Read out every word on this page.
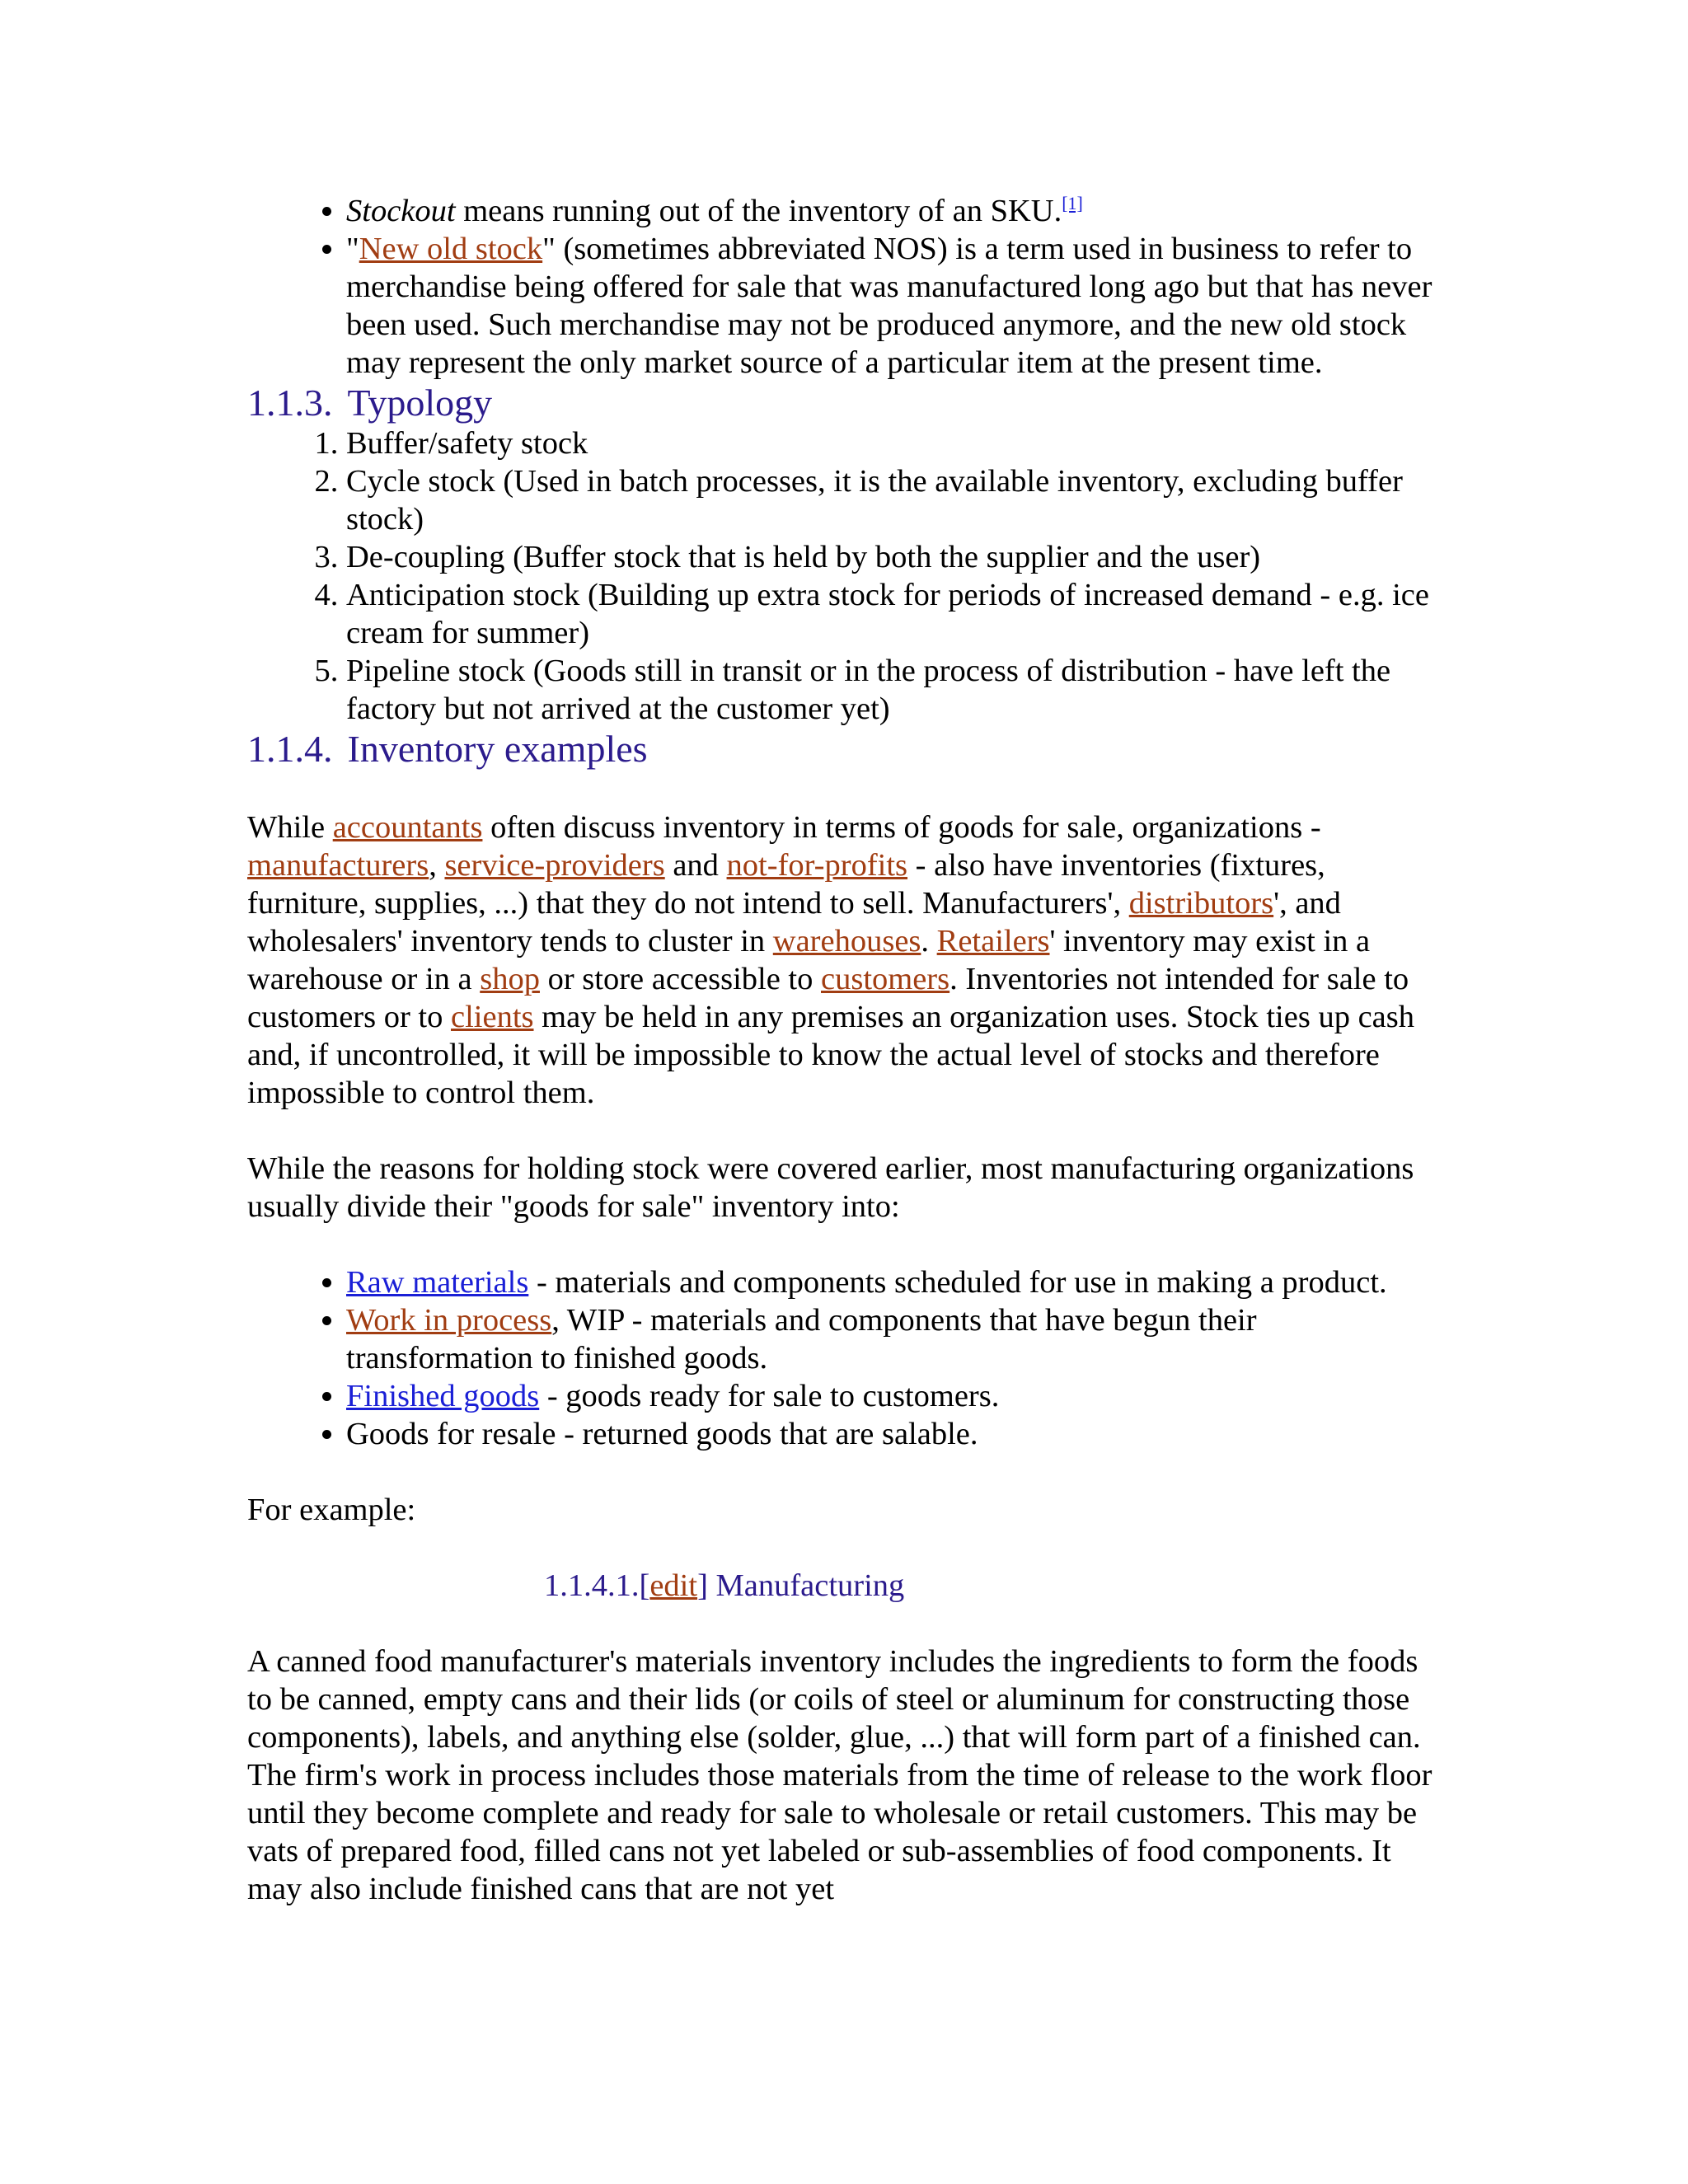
• Stockout means running out of the inventory of an SKU.[1]
• "New old stock" (sometimes abbreviated NOS) is a term used in business to refer to merchandise being offered for sale that was manufactured long ago but that has never been used. Such merchandise may not be produced anymore, and the new old stock may represent the only market source of a particular item at the present time.
1.1.3. Typology
1. Buffer/safety stock
2. Cycle stock (Used in batch processes, it is the available inventory, excluding buffer stock)
3. De-coupling (Buffer stock that is held by both the supplier and the user)
4. Anticipation stock (Building up extra stock for periods of increased demand - e.g. ice cream for summer)
5. Pipeline stock (Goods still in transit or in the process of distribution - have left the factory but not arrived at the customer yet)
1.1.4. Inventory examples

While accountants often discuss inventory in terms of goods for sale, organizations - manufacturers, service-providers and not-for-profits - also have inventories (fixtures, furniture, supplies, ...) that they do not intend to sell. Manufacturers', distributors', and wholesalers' inventory tends to cluster in warehouses. Retailers' inventory may exist in a warehouse or in a shop or store accessible to customers. Inventories not intended for sale to customers or to clients may be held in any premises an organization uses. Stock ties up cash and, if uncontrolled, it will be impossible to know the actual level of stocks and therefore impossible to control them.

While the reasons for holding stock were covered earlier, most manufacturing organizations usually divide their "goods for sale" inventory into:

• Raw materials - materials and components scheduled for use in making a product.
• Work in process, WIP - materials and components that have begun their transformation to finished goods.
• Finished goods - goods ready for sale to customers.
• Goods for resale - returned goods that are salable.

For example:

1.1.4.1.[edit] Manufacturing

A canned food manufacturer's materials inventory includes the ingredients to form the foods to be canned, empty cans and their lids (or coils of steel or aluminum for constructing those components), labels, and anything else (solder, glue, ...) that will form part of a finished can. The firm's work in process includes those materials from the time of release to the work floor until they become complete and ready for sale to wholesale or retail customers. This may be vats of prepared food, filled cans not yet labeled or sub-assemblies of food components. It may also include finished cans that are not yet
